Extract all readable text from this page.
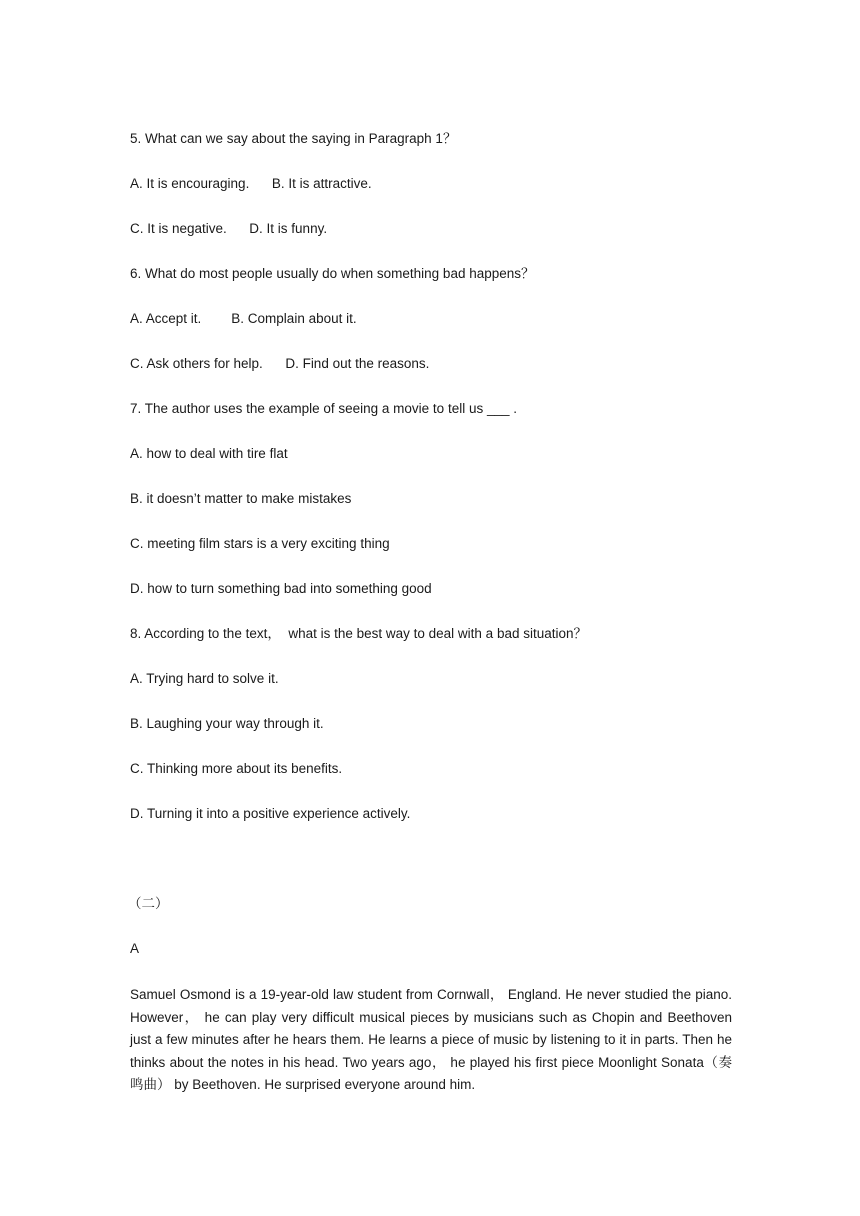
5. What can we say about the saying in Paragraph 1？
A. It is encouraging.      B. It is attractive.
C. It is negative.      D. It is funny.
6. What do most people usually do when something bad happens？
A. Accept it.        B. Complain about it.
C. Ask others for help.      D. Find out the reasons.
7. The author uses the example of seeing a movie to tell us ___ .
A. how to deal with tire flat
B. it doesn’t matter to make mistakes
C. meeting film stars is a very exciting thing
D. how to turn something bad into something good
8. According to the text，  what is the best way to deal with a bad situation？
A. Trying hard to solve it.
B. Laughing your way through it.
C. Thinking more about its benefits.
D. Turning it into a positive experience actively.
（二）
A
Samuel Osmond is a 19-year-old law student from Cornwall， England. He never studied the piano. However， he can play very difficult musical pieces by musicians such as Chopin and Beethoven just a few minutes after he hears them. He learns a piece of music by listening to it in parts. Then he thinks about the notes in his head. Two years ago， he played his first piece Moonlight Sonata（奏鸣曲） by Beethoven. He surprised everyone around him.
